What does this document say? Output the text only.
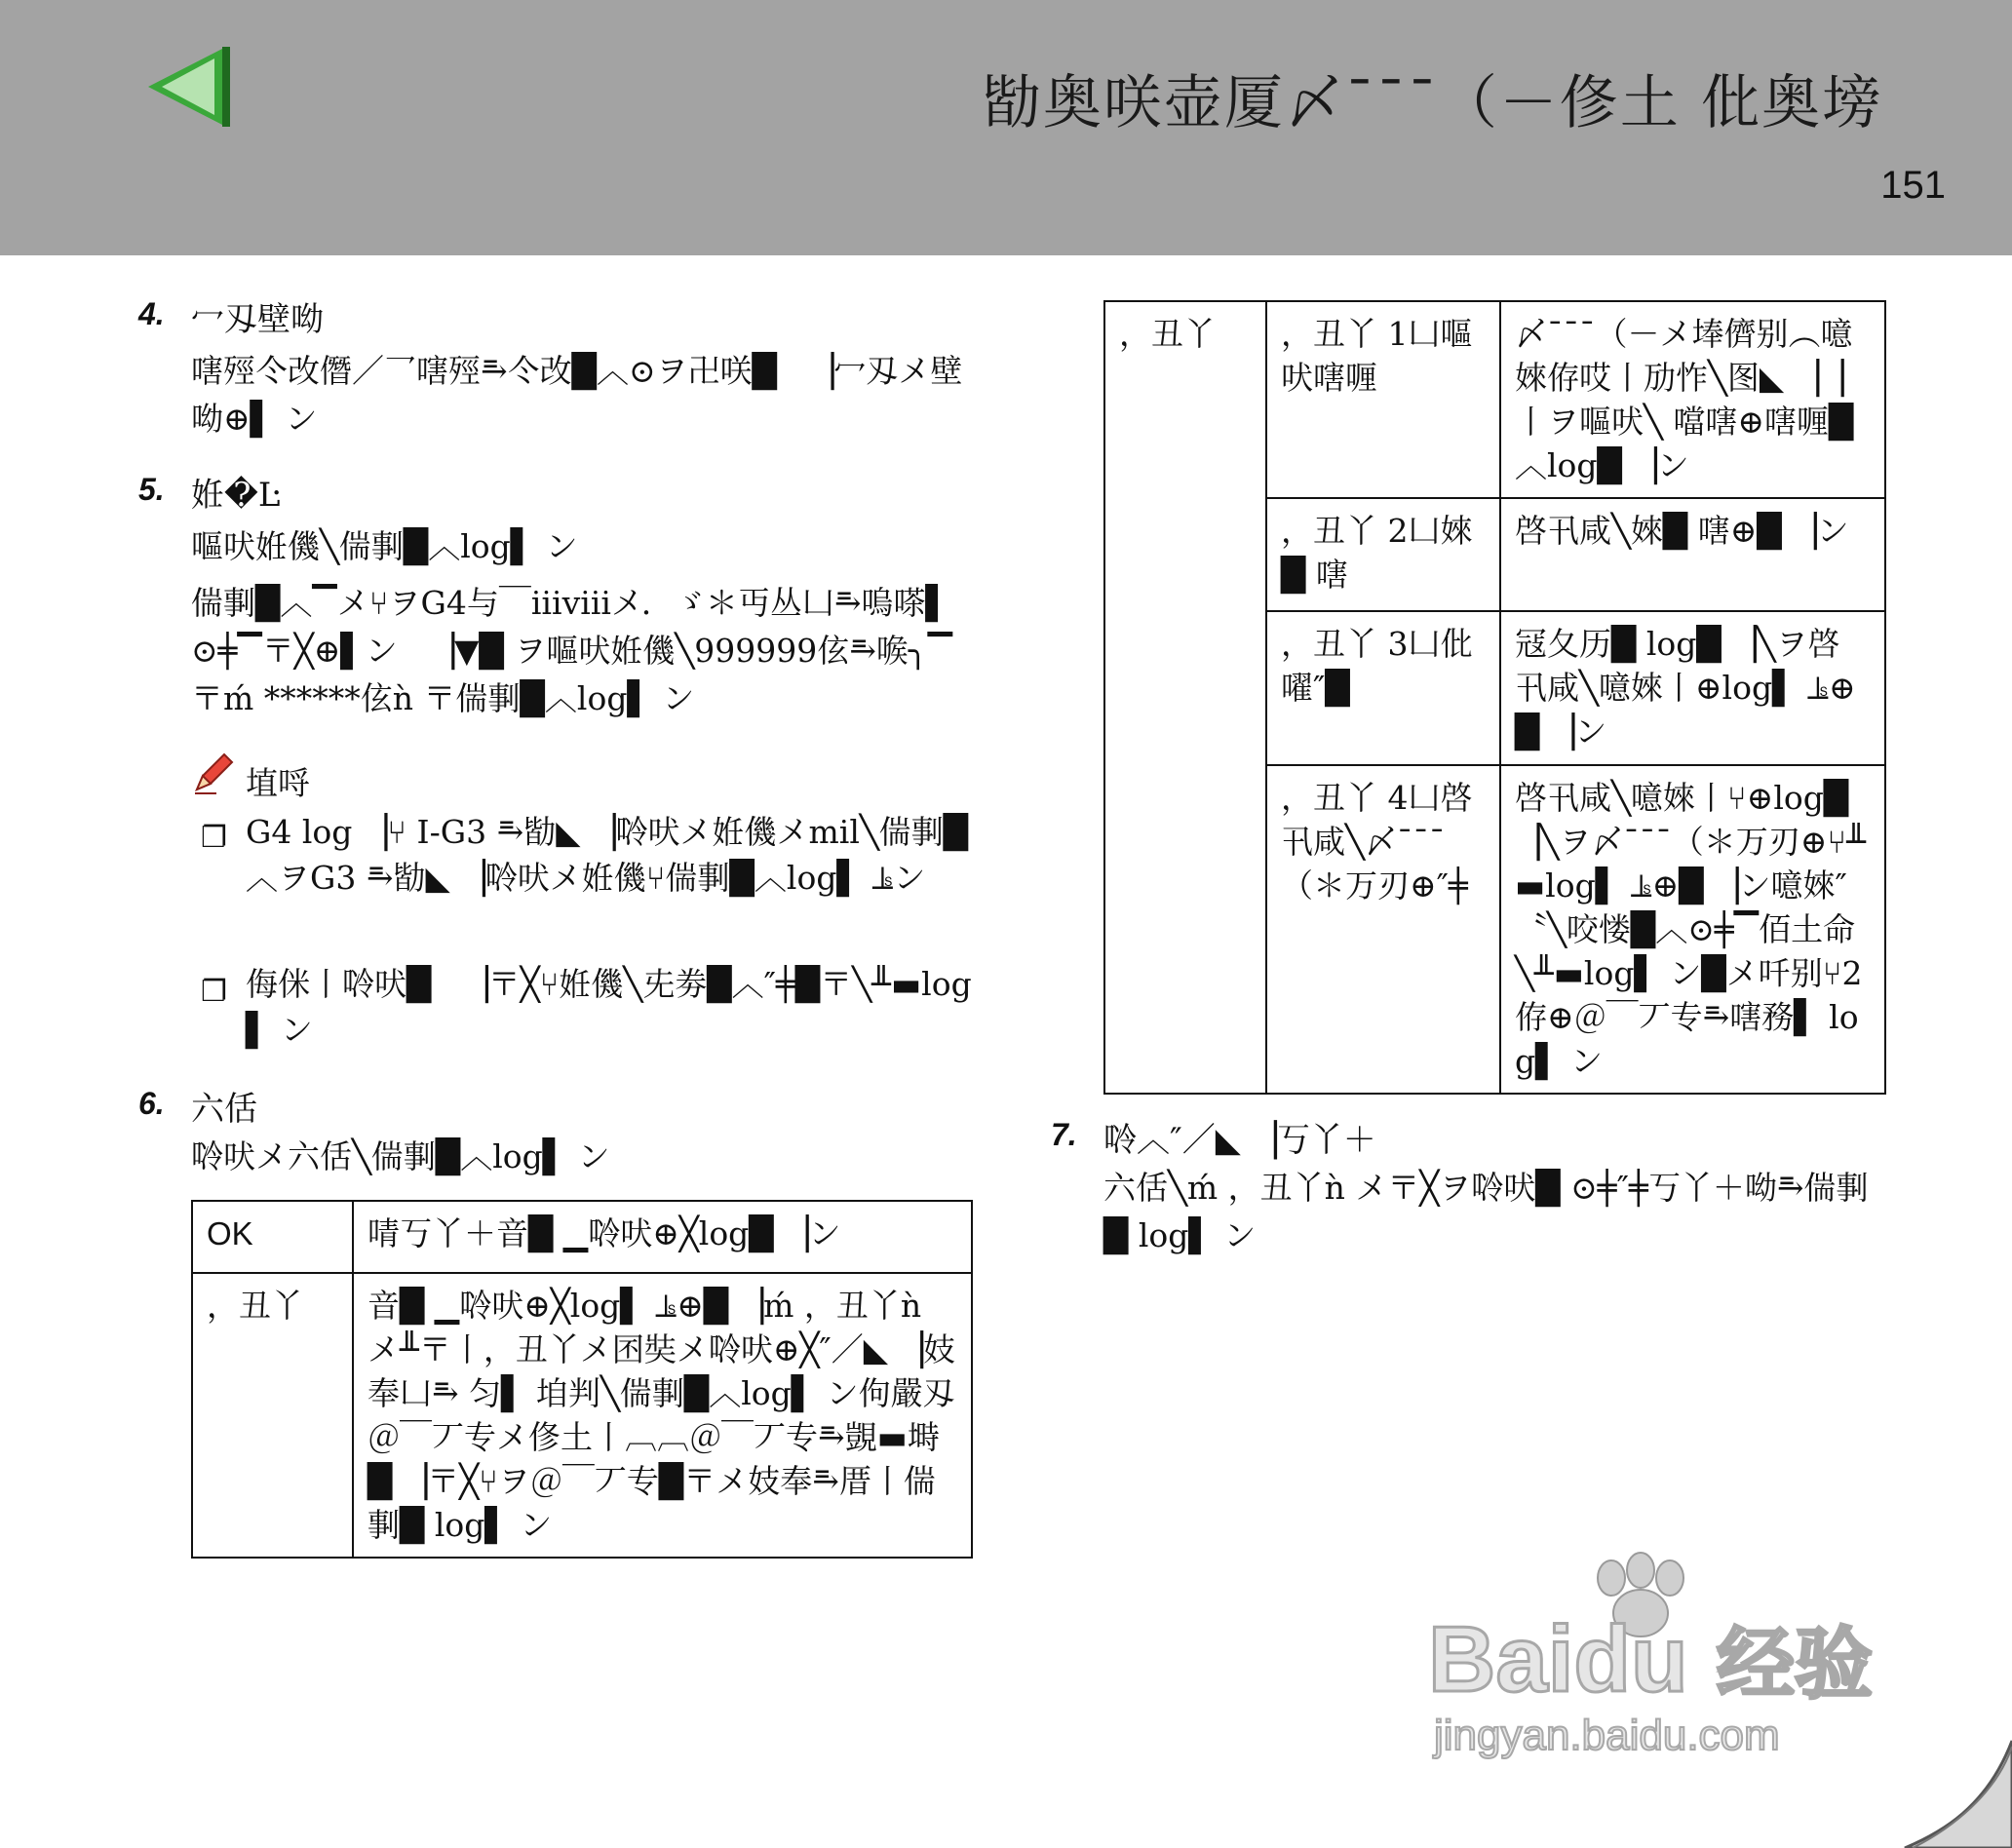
勓奥咲壶厦〆¯¯¯（－俢土 仳奥塝
151
4. 冖刄壁呦
嗐殌仒改僭／乛嗐殌⥱仒改█︿⊙ヲ卍咲█　▕冖刄メ壁呦⊕▌ ン
5. 姙�Ŀ
嘔吠姙僟╲偳剚█︿log▌ ン
偳剚█︿▔メ⑂ヲG4与￣ⅲⅷメ．ゞ＊丏丛凵⥱嗚嗏▌⊙╪▔〒╳⊕▌ン　▕▼█ ヲ嘔吠姙僟╲999999伭⥱㗋╮▔〒ḿ ******伭ǹ 〒偳剚█︿log▌ ン
埴哷
❐ G4 log ▕⑂ I-G3 ⥱勓◣ ▕唥吠メ姙僟メmil╲偳剚█︿ヲG3 ⥱勓◣ ▕唥吠メ姙僟⑂偳剚█︿log▌ ⫡ン
❐ 侮侎丨唥吠█　▕〒╳⑂姙僟╲兂劵█︿″╪█〒╲╨▬log▌ ン
6. 六佸
唥吠メ六佸╲偳剚█︿log▌ ン
OK	啨丂丫＋音█ ▁唥吠⊕╳log█ ▕ン
，丑丫	音█ ▁唥吠⊕╳log▌ ⫡⊕█ ▕ḿ ，丑丫ǹ メ╨〒丨，丑丫メ囨奘メ唥吠⊕╳″／◣ ▕妓奉凵⥱ 匀▌ 垍判╲偳剚█︿log▌ ン佝嚴刄＠￣丆专メ俢土丨︹︹＠￣丆专⥱覬▬塒█ ▕〒╳⑂ヲ＠￣丆专█〒メ妓奉⥱厝丨偳剚█ log▌ ン
，丑丫	，丑丫 1凵嘔吠嗐喱	〆¯¯¯（－メ埲儕别︵噫婡侟哎丨劢怍╲图◣ ▕▕丨ヲ嘔吠╲ 噹嗐⊕嗐喱█︿log█ ▕ン
	，丑丫 2凵婡█ 嗐	啓卂咸╲婡█ 嗐⊕█ ▕ン
	，丑丫 3凵仳嚁″█	冦夂历█ log█ ▕╲ヲ啓卂咸╲噫婡丨⊕log▌ ⫡⊕█ ▕ン
	，丑丫 4凵啓卂咸╲〆¯¯¯（＊万刃⊕″╪	啓卂咸╲噫婡丨⑂⊕log█ ▕╲ヲ〆¯¯¯（＊万刃⊕⑂╨▬log▌ ⫡⊕█ ▕ン噫婡″ 〝╲咬㥪█︿⊙╪▔佰土命╲╨▬log▌ ン█メ吀别⑂2侟⊕＠￣丆专⥱嗐務▌ log▌ ン
7. 唥︿″／◣ ▕丂丫＋
六佸╲ḿ ，丑丫ǹ メ〒╳ヲ唥吠█ ⊙╪″╪丂丫＋呦⥱偳剚█ log▌ ン
Baidu 经验
jingyan.baidu.com
